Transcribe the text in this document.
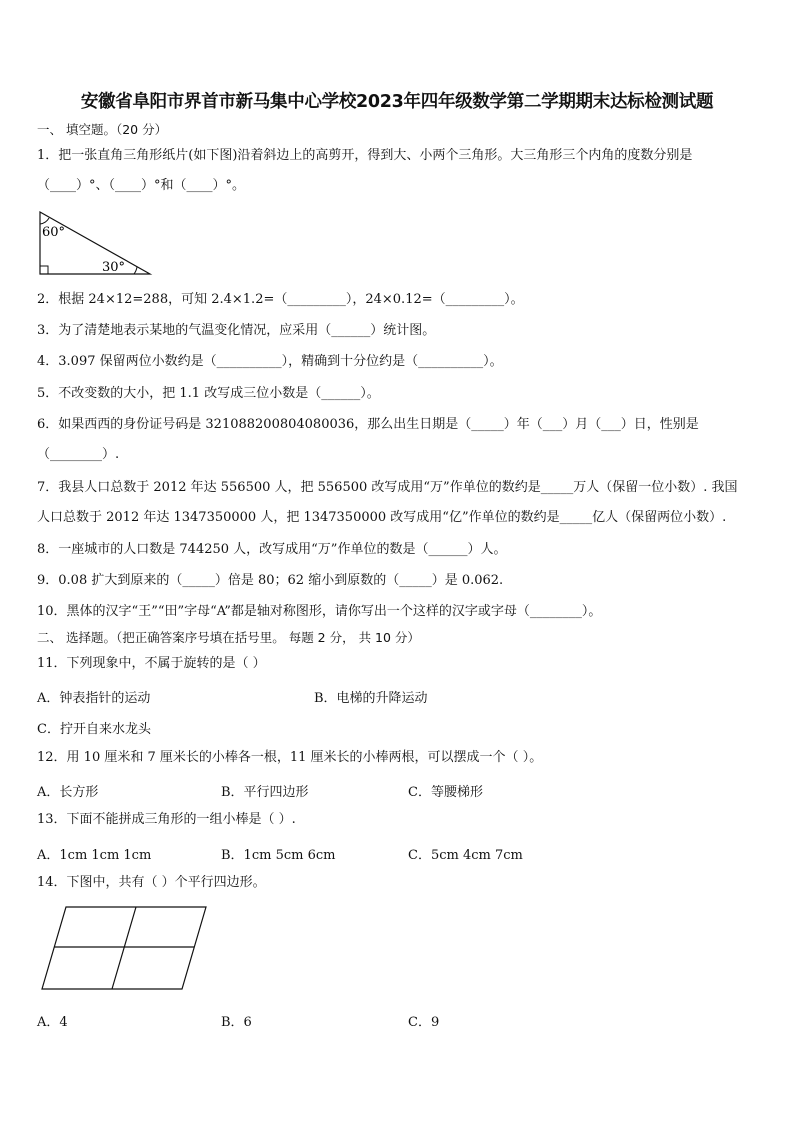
安徽省阜阳市界首市新马集中心学校2023年四年级数学第二学期期末达标检测试题
一、 填空题。（20 分）
1．把一张直角三角形纸片(如下图)沿着斜边上的高剪开，得到大、小两个三角形。大三角形三个内角的度数分别是
（____）°、（____）°和（____）°。
60°
30°
2．根据 24×12=288，可知 2.4×1.2=（_________），24×0.12=（_________）。
3．为了清楚地表示某地的气温变化情况，应采用（______）统计图。
4．3.097 保留两位小数约是（__________），精确到十分位约是（__________）。
5．不改变数的大小，把 1.1 改写成三位小数是（______）。
6．如果西西的身份证号码是 321088200804080036，那么出生日期是（_____）年（___）月（___）日，性别是
（________）.
7．我县人口总数于 2012 年达 556500 人，把 556500 改写成用“万”作单位的数约是_____万人（保留一位小数）. 我国
人口总数于 2012 年达 1347350000 人，把 1347350000 改写成用“亿”作单位的数约是_____亿人（保留两位小数）.
8．一座城市的人口数是 744250 人，改写成用“万”作单位的数是（______）人。
9．0.08 扩大到原来的（_____）倍是 80；62 缩小到原数的（_____）是 0.062.
10．黑体的汉字“王”“田”字母“A”都是轴对称图形，请你写出一个这样的汉字或字母（________）。
二、 选择题。（把正确答案序号填在括号里。 每题 2 分， 共 10 分）
11．下列现象中，不属于旋转的是（ ）
A．钟表指针的运动	B．电梯的升降运动
C．拧开自来水龙头
12．用 10 厘米和 7 厘米长的小棒各一根，11 厘米长的小棒两根，可以摆成一个（ ）。
A．长方形	B．平行四边形	C．等腰梯形
13．下面不能拼成三角形的一组小棒是（ ）.
A．1cm 1cm 1cm	B．1cm 5cm 6cm	C．5cm 4cm 7cm
14．下图中，共有（ ）个平行四边形。
A．4	B．6	C．9
